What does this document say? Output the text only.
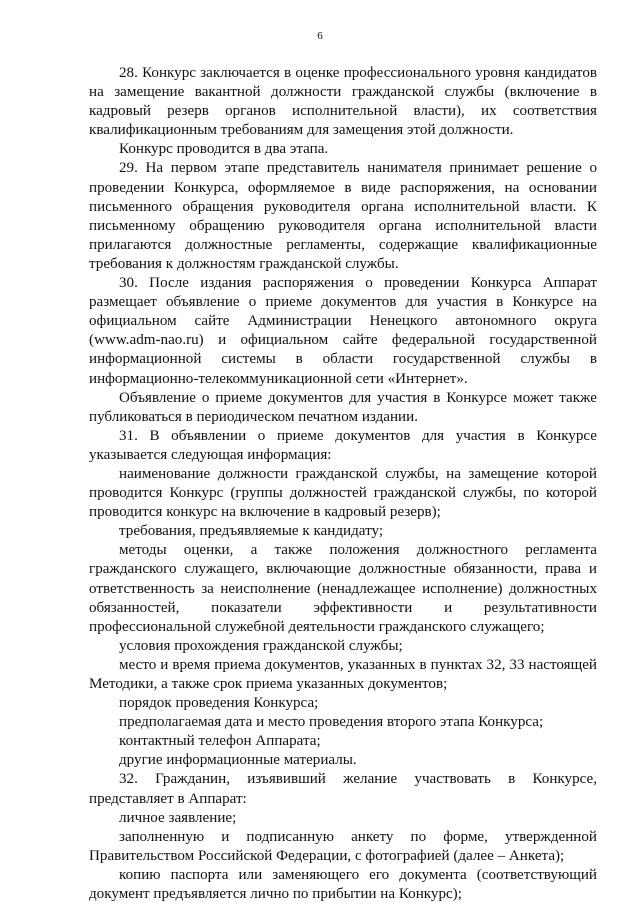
6

28. Конкурс заключается в оценке профессионального уровня кандидатов на замещение вакантной должности гражданской службы (включение в кадровый резерв органов исполнительной власти), их соответствия квалификационным требованиям для замещения этой должности.

Конкурс проводится в два этапа.

29. На первом этапе представитель нанимателя принимает решение о проведении Конкурса, оформляемое в виде распоряжения, на основании письменного обращения руководителя органа исполнительной власти. К письменному обращению руководителя органа исполнительной власти прилагаются должностные регламенты, содержащие квалификационные требования к должностям гражданской службы.

30. После издания распоряжения о проведении Конкурса Аппарат размещает объявление о приеме документов для участия в Конкурсе на официальном сайте Администрации Ненецкого автономного округа (www.adm-nao.ru) и официальном сайте федеральной государственной информационной системы в области государственной службы в информационно-телекоммуникационной сети «Интернет».

Объявление о приеме документов для участия в Конкурсе может также публиковаться в периодическом печатном издании.

31. В объявлении о приеме документов для участия в Конкурсе указывается следующая информация:

наименование должности гражданской службы, на замещение которой проводится Конкурс (группы должностей гражданской службы, по которой проводится конкурс на включение в кадровый резерв);

требования, предъявляемые к кандидату;

методы оценки, а также положения должностного регламента гражданского служащего, включающие должностные обязанности, права и ответственность за неисполнение (ненадлежащее исполнение) должностных обязанностей, показатели эффективности и результативности профессиональной служебной деятельности гражданского служащего;

условия прохождения гражданской службы;

место и время приема документов, указанных в пунктах 32, 33 настоящей Методики, а также срок приема указанных документов;

порядок проведения Конкурса;

предполагаемая дата и место проведения второго этапа Конкурса;

контактный телефон Аппарата;

другие информационные материалы.

32. Гражданин, изъявивший желание участвовать в Конкурсе, представляет в Аппарат:

личное заявление;

заполненную и подписанную анкету по форме, утвержденной Правительством Российской Федерации, с фотографией (далее – Анкета);

копию паспорта или заменяющего его документа (соответствующий документ предъявляется лично по прибытии на Конкурс);
